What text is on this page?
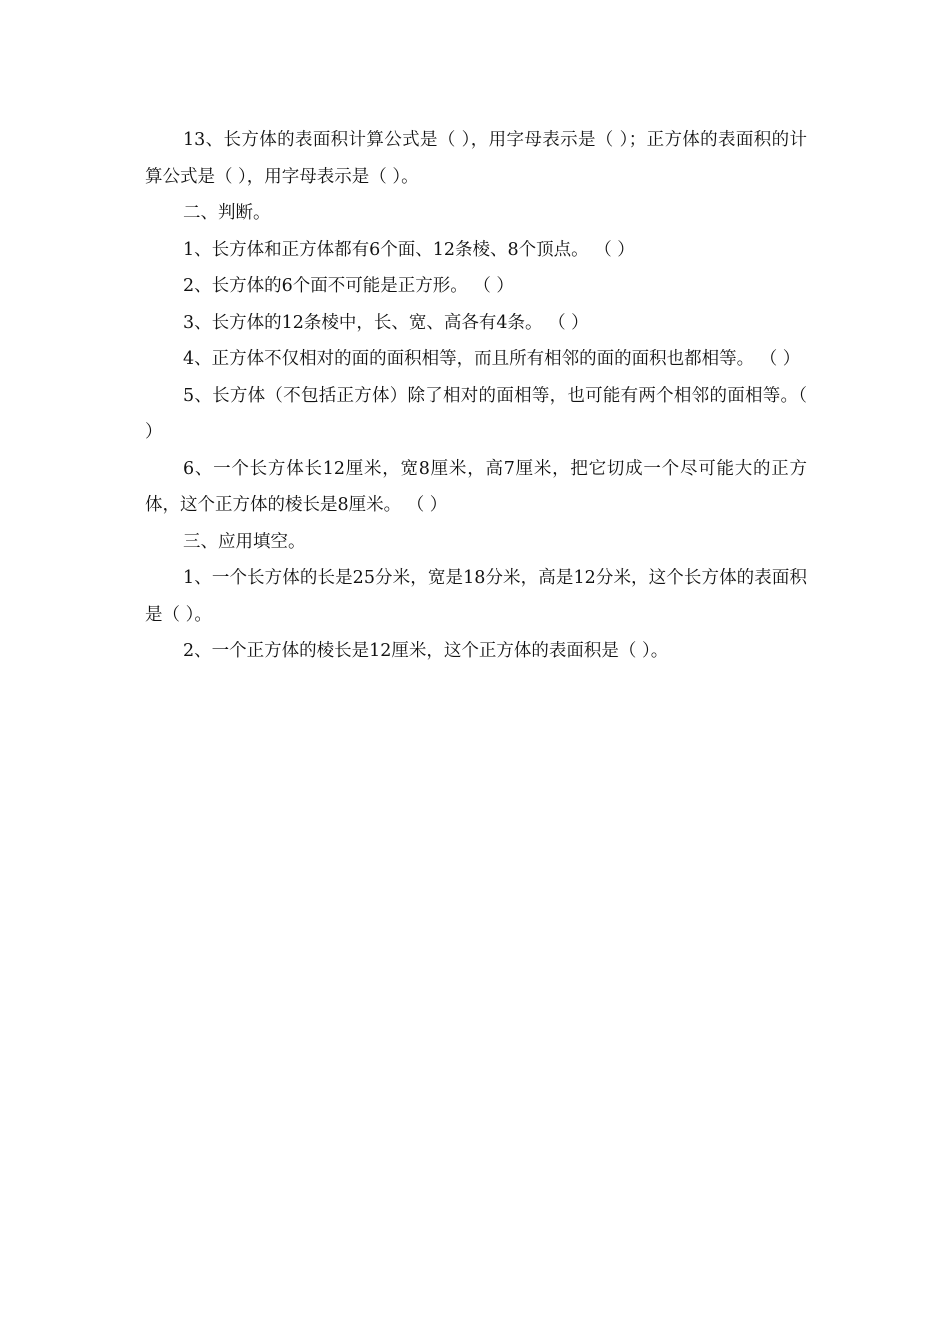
13、长方体的表面积计算公式是（ ），用字母表示是（ ）；正方体的表面积的计算公式是（ ），用字母表示是（ ）。

二、判断。

1、长方体和正方体都有6个面、12条棱、8个顶点。 （ ）

2、长方体的6个面不可能是正方形。 （ ）

3、长方体的12条棱中，长、宽、高各有4条。 （ ）

4、正方体不仅相对的面的面积相等，而且所有相邻的面的面积也都相等。 （ ）

5、长方体（不包括正方体）除了相对的面相等，也可能有两个相邻的面相等。（ ）

6、一个长方体长12厘米，宽8厘米，高7厘米，把它切成一个尽可能大的正方体，这个正方体的棱长是8厘米。 （ ）

三、应用填空。

1、一个长方体的长是25分米，宽是18分米，高是12分米，这个长方体的表面积是（ ）。

2、一个正方体的棱长是12厘米，这个正方体的表面积是（ ）。
